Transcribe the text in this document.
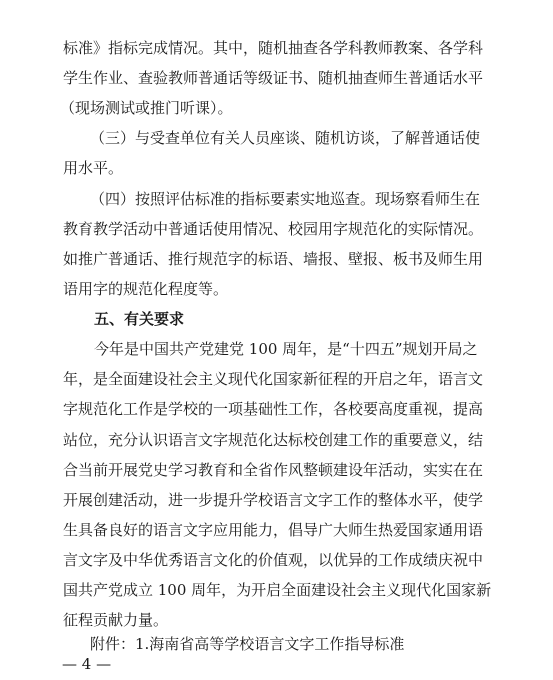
标准》指标完成情况。其中，随机抽查各学科教师教案、各学科
学生作业、查验教师普通话等级证书、随机抽查师生普通话水平
（现场测试或推门听课）。
（三）与受查单位有关人员座谈、随机访谈，了解普通话使
用水平。
（四）按照评估标准的指标要素实地巡查。现场察看师生在
教育教学活动中普通话使用情况、校园用字规范化的实际情况。
如推广普通话、推行规范字的标语、墙报、壁报、板书及师生用
语用字的规范化程度等。
五、有关要求
今年是中国共产党建党 100 周年，是“十四五”规划开局之
年，是全面建设社会主义现代化国家新征程的开启之年，语言文
字规范化工作是学校的一项基础性工作，各校要高度重视，提高
站位，充分认识语言文字规范化达标校创建工作的重要意义，结
合当前开展党史学习教育和全省作风整顿建设年活动，实实在在
开展创建活动，进一步提升学校语言文字工作的整体水平，使学
生具备良好的语言文字应用能力，倡导广大师生热爱国家通用语
言文字及中华优秀语言文化的价值观，以优异的工作成绩庆祝中
国共产党成立 100 周年，为开启全面建设社会主义现代化国家新
征程贡献力量。
附件：1.海南省高等学校语言文字工作指导标准
— 4 —
